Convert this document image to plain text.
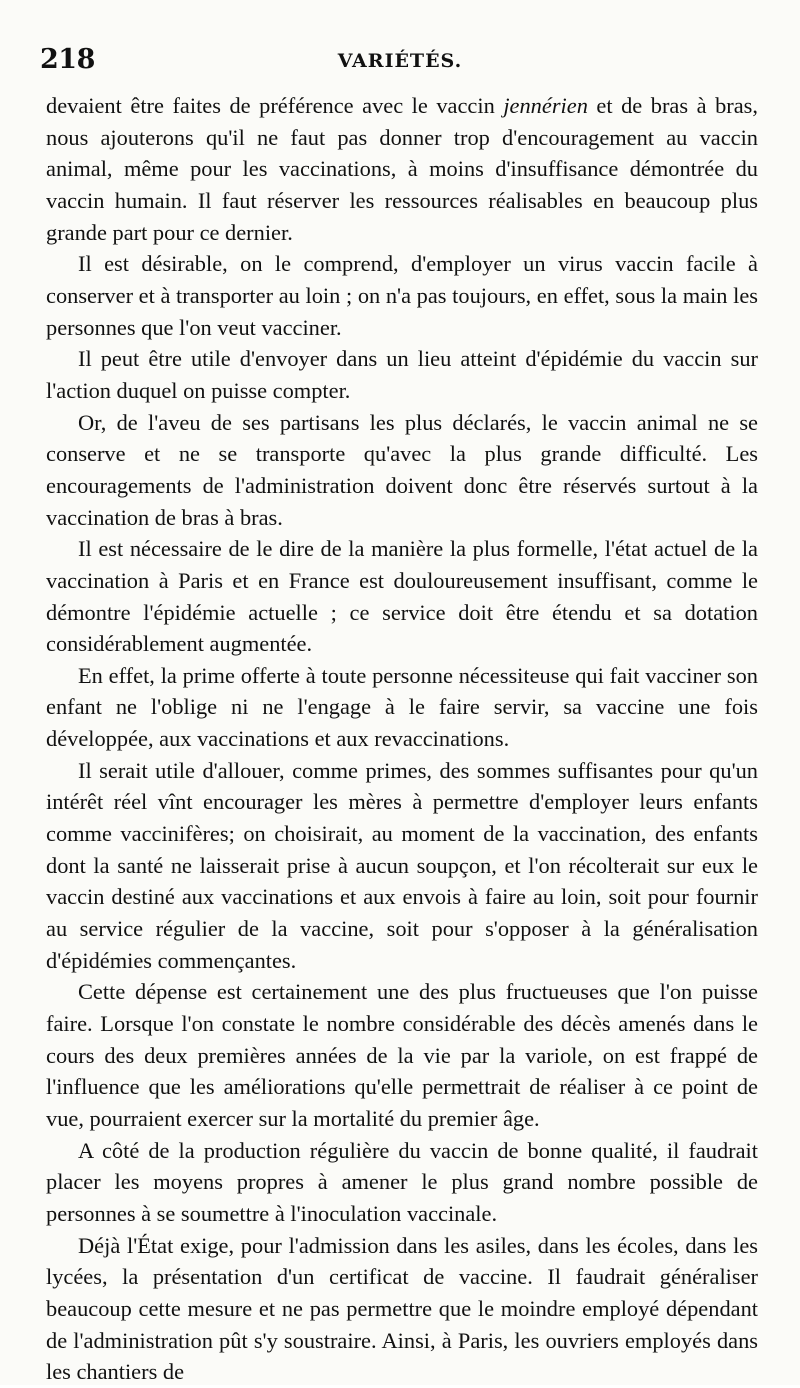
218	VARIÉTÉS.

devaient être faites de préférence avec le vaccin jennérien et de bras à bras, nous ajouterons qu'il ne faut pas donner trop d'encouragement au vaccin animal, même pour les vaccinations, à moins d'insuffisance démontrée du vaccin humain. Il faut réserver les ressources réalisables en beaucoup plus grande part pour ce dernier.

Il est désirable, on le comprend, d'employer un virus vaccin facile à conserver et à transporter au loin ; on n'a pas toujours, en effet, sous la main les personnes que l'on veut vacciner.

Il peut être utile d'envoyer dans un lieu atteint d'épidémie du vaccin sur l'action duquel on puisse compter.

Or, de l'aveu de ses partisans les plus déclarés, le vaccin animal ne se conserve et ne se transporte qu'avec la plus grande difficulté. Les encouragements de l'administration doivent donc être réservés surtout à la vaccination de bras à bras.

Il est nécessaire de le dire de la manière la plus formelle, l'état actuel de la vaccination à Paris et en France est douloureusement insuffisant, comme le démontre l'épidémie actuelle ; ce service doit être étendu et sa dotation considérablement augmentée.

En effet, la prime offerte à toute personne nécessiteuse qui fait vacciner son enfant ne l'oblige ni ne l'engage à le faire servir, sa vaccine une fois développée, aux vaccinations et aux revaccinations.

Il serait utile d'allouer, comme primes, des sommes suffisantes pour qu'un intérêt réel vînt encourager les mères à permettre d'employer leurs enfants comme vaccinifères; on choisirait, au moment de la vaccination, des enfants dont la santé ne laisserait prise à aucun soupçon, et l'on récolterait sur eux le vaccin destiné aux vaccinations et aux envois à faire au loin, soit pour fournir au service régulier de la vaccine, soit pour s'opposer à la généralisation d'épidémies commençantes.

Cette dépense est certainement une des plus fructueuses que l'on puisse faire. Lorsque l'on constate le nombre considérable des décès amenés dans le cours des deux premières années de la vie par la variole, on est frappé de l'influence que les améliorations qu'elle permettrait de réaliser à ce point de vue, pourraient exercer sur la mortalité du premier âge.

A côté de la production régulière du vaccin de bonne qualité, il faudrait placer les moyens propres à amener le plus grand nombre possible de personnes à se soumettre à l'inoculation vaccinale.

Déjà l'État exige, pour l'admission dans les asiles, dans les écoles, dans les lycées, la présentation d'un certificat de vaccine. Il faudrait généraliser beaucoup cette mesure et ne pas permettre que le moindre employé dépendant de l'administration pût s'y soustraire. Ainsi, à Paris, les ouvriers employés dans les chantiers de
